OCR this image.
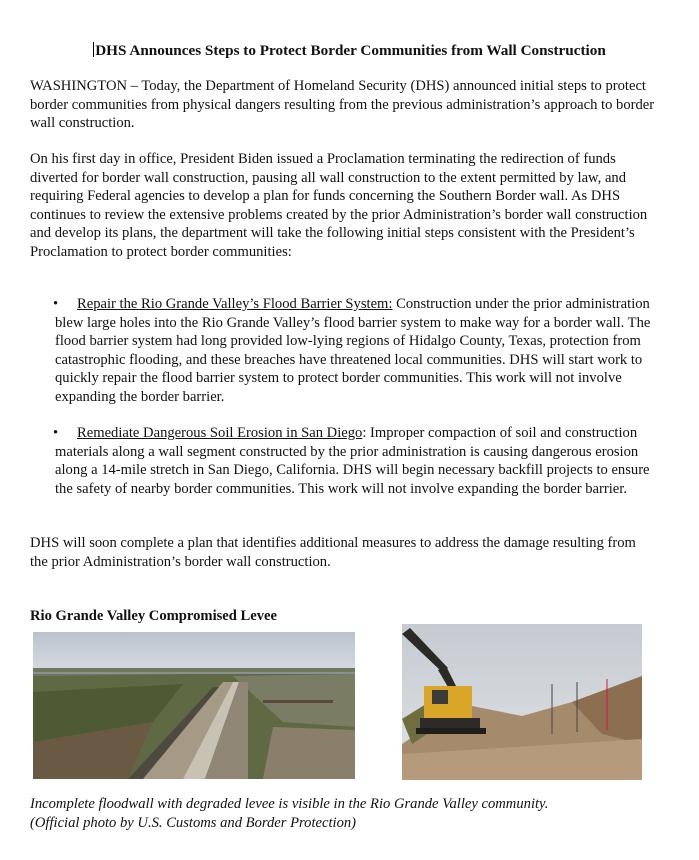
DHS Announces Steps to Protect Border Communities from Wall Construction

WASHINGTON – Today, the Department of Homeland Security (DHS) announced initial steps to protect border communities from physical dangers resulting from the previous administration’s approach to border wall construction.

On his first day in office, President Biden issued a Proclamation terminating the redirection of funds diverted for border wall construction, pausing all wall construction to the extent permitted by law, and requiring Federal agencies to develop a plan for funds concerning the Southern Border wall. As DHS continues to review the extensive problems created by the prior Administration’s border wall construction and develop its plans, the department will take the following initial steps consistent with the President’s Proclamation to protect border communities:

•	Repair the Rio Grande Valley’s Flood Barrier System: Construction under the prior administration blew large holes into the Rio Grande Valley’s flood barrier system to make way for a border wall. The flood barrier system had long provided low-lying regions of Hidalgo County, Texas, protection from catastrophic flooding, and these breaches have threatened local communities. DHS will start work to quickly repair the flood barrier system to protect border communities. This work will not involve expanding the border barrier.

•	Remediate Dangerous Soil Erosion in San Diego: Improper compaction of soil and construction materials along a wall segment constructed by the prior administration is causing dangerous erosion along a 14-mile stretch in San Diego, California. DHS will begin necessary backfill projects to ensure the safety of nearby border communities. This work will not involve expanding the border barrier.

DHS will soon complete a plan that identifies additional measures to address the damage resulting from the prior Administration’s border wall construction.

Rio Grande Valley Compromised Levee

Incomplete floodwall with degraded levee is visible in the Rio Grande Valley community.
(Official photo by U.S. Customs and Border Protection)
